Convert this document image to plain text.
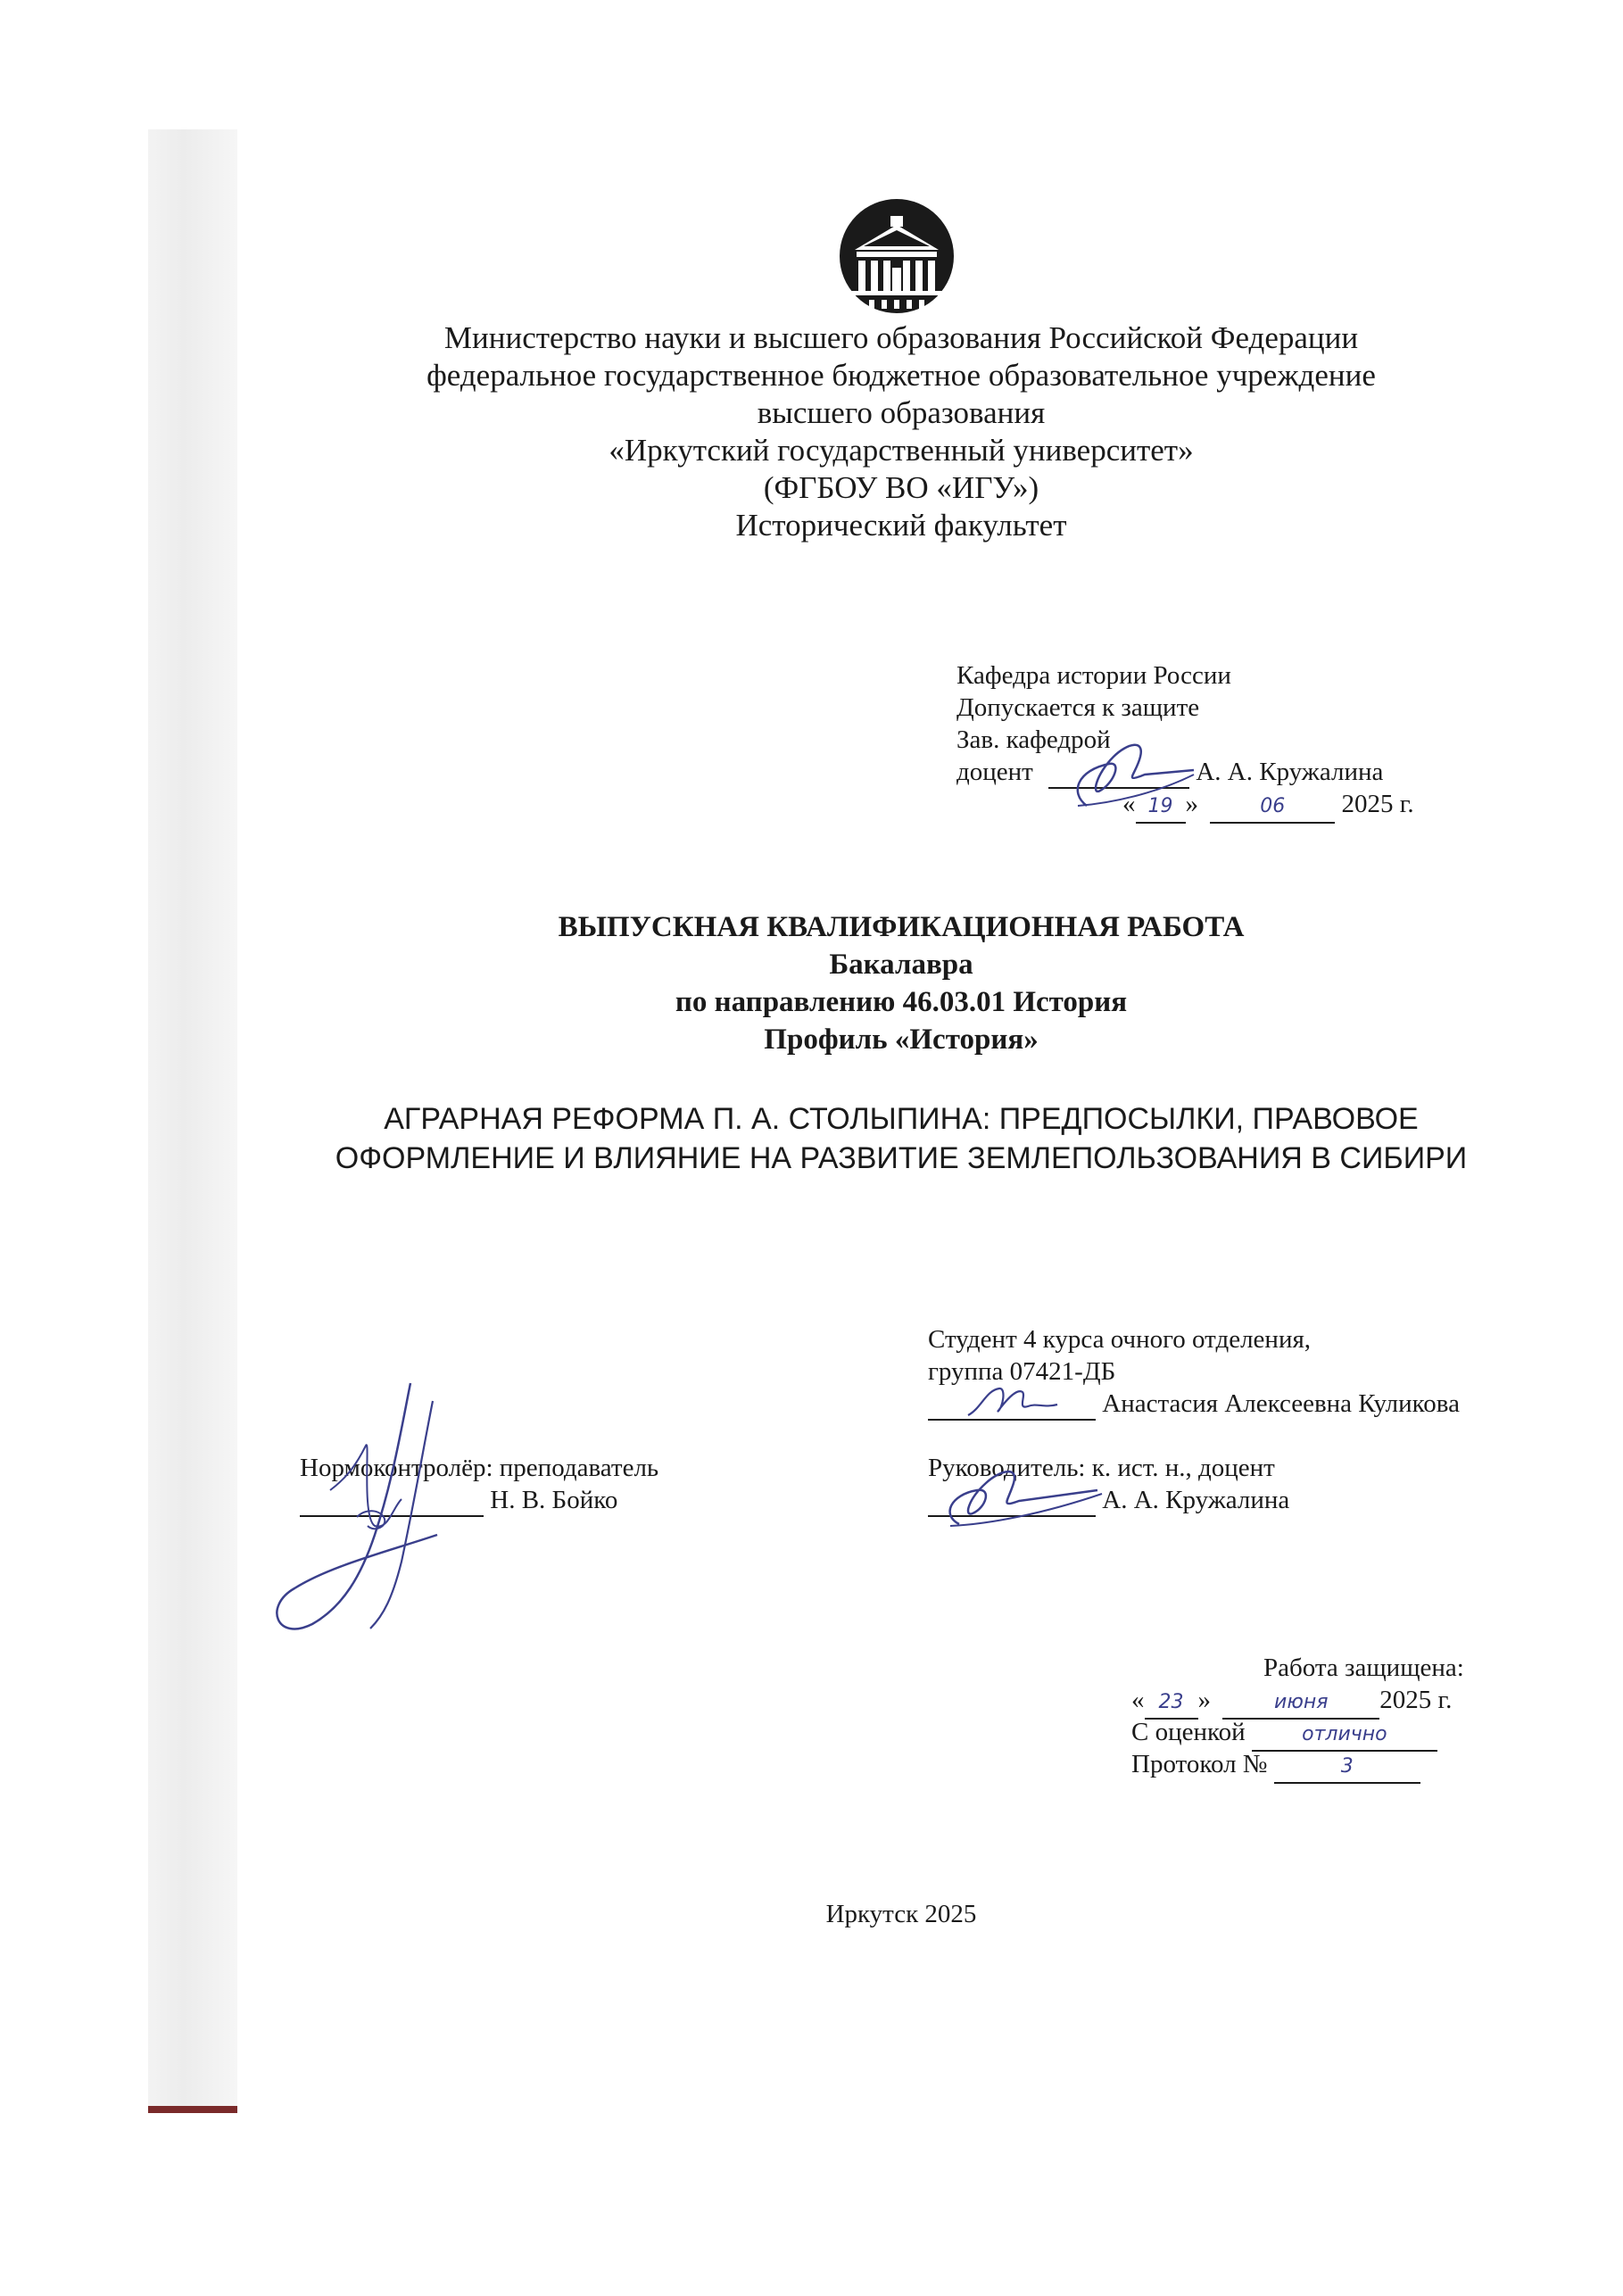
Министерство науки и высшего образования Российской Федерации
федеральное государственное бюджетное образовательное учреждение
высшего образования
«Иркутский государственный университет»
(ФГБОУ ВО «ИГУ»)
Исторический факультет
Кафедра истории России
Допускается к защите
Зав. кафедрой
доцент	А. А. Кружалина
« 19 »	06 2025 г.
ВЫПУСКНАЯ КВАЛИФИКАЦИОННАЯ РАБОТА
Бакалавра
по направлению 46.03.01 История
Профиль «История»
АГРАРНАЯ РЕФОРМА П. А. СТОЛЫПИНА: ПРЕДПОСЫЛКИ, ПРАВОВОЕ
ОФОРМЛЕНИЕ И ВЛИЯНИЕ НА РАЗВИТИЕ ЗЕМЛЕПОЛЬЗОВАНИЯ В СИБИРИ
Студент 4 курса очного отделения,
группа 07421-ДБ
Анастасия Алексеевна Куликова
Нормоконтролёр: преподаватель
Н. В. Бойко
Руководитель: к. ист. н., доцент
А. А. Кружалина
Работа защищена:
« 23 »	июня 2025 г.
С оценкой	отлично
Протокол №	3
Иркутск 2025
